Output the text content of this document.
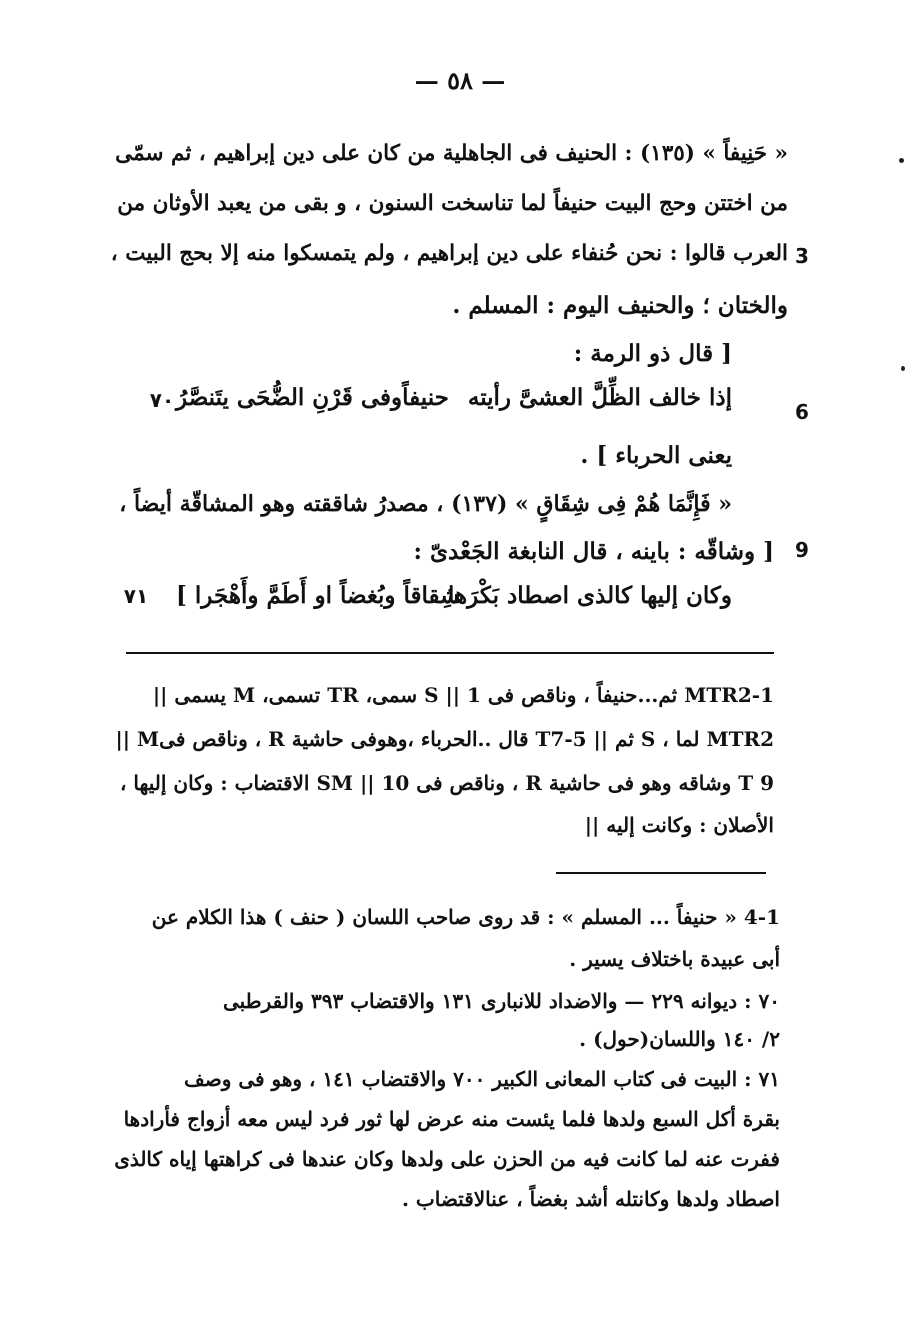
— ٥٨ —
« حَنِيفاً » (١٣٥) : الحنيف فى الجاهلية من كان على دين إبراهيم ، ثم سمّى
من اختتن وحج البيت حنيفاً لما تناسخت السنون ، و بقى من يعبد الأوثان من
العرب قالوا : نحن حُنفاء على دين إبراهيم ، ولم يتمسكوا منه إلا بحج البيت ، 3
والختان ؛ والحنيف اليوم : المسلم .
[ قال ذو الرمة :
إذا خالف الظِّلَّ العشىَّ رأيته
حنيفاًوفى قَرْنِ الضُّحَى يتَنصَّرُ
٧٠	6
يعنى الحرباء ] .
« فَإِنَّمَا هُمْ فِى شِقَاقٍ » (١٣٧) ، مصدرُ شاققته وهو المشاقّة أيضاً ،
[ وشاقّه : باينه ، قال النابغة الجَعْدىّ :	9
وكان إليها كالذى اصطاد بَكْرَها
شِقاقاً وبُغضاً او أَطَمَّ وأَهْجَرا ]
٧١
MTR2-1 ثم...حنيفاً ، وناقص فى S || 1 سمى، TR تسمى، M يسمى ||
MTR2 لما ، S ثم || T7-5 قال ..الحرباء ،وهوفى حاشية R ، وناقص فىM ||
T 9 وشاقه وهو فى حاشية R ، وناقص فى SM || 10 الاقتضاب : وكان إليها ،
الأصلان : وكانت إليه ||
4-1 « حنيفاً ... المسلم » : قد روى صاحب اللسان ( حنف ) هذا الكلام عن
أبى عبيدة باختلاف يسير .
٧٠ : ديوانه ٢٢٩ — والاضداد للانبارى ١٣١ والاقتضاب ٣٩٣ والقرطبى
٢/ ١٤٠ واللسان(حول) .
٧١ : البيت فى كتاب المعانى الكبير ٧٠٠ والاقتضاب ١٤١ ، وهو فى وصف
بقرة أكل السبع ولدها فلما يئست منه عرض لها ثور فرد ليس معه أزواج فأرادها
ففرت عنه لما كانت فيه من الحزن على ولدها وكان عندها فى كراهتها إياه كالذى
اصطاد ولدها وكانتله أشد بغضاً ، عنالاقتضاب .
